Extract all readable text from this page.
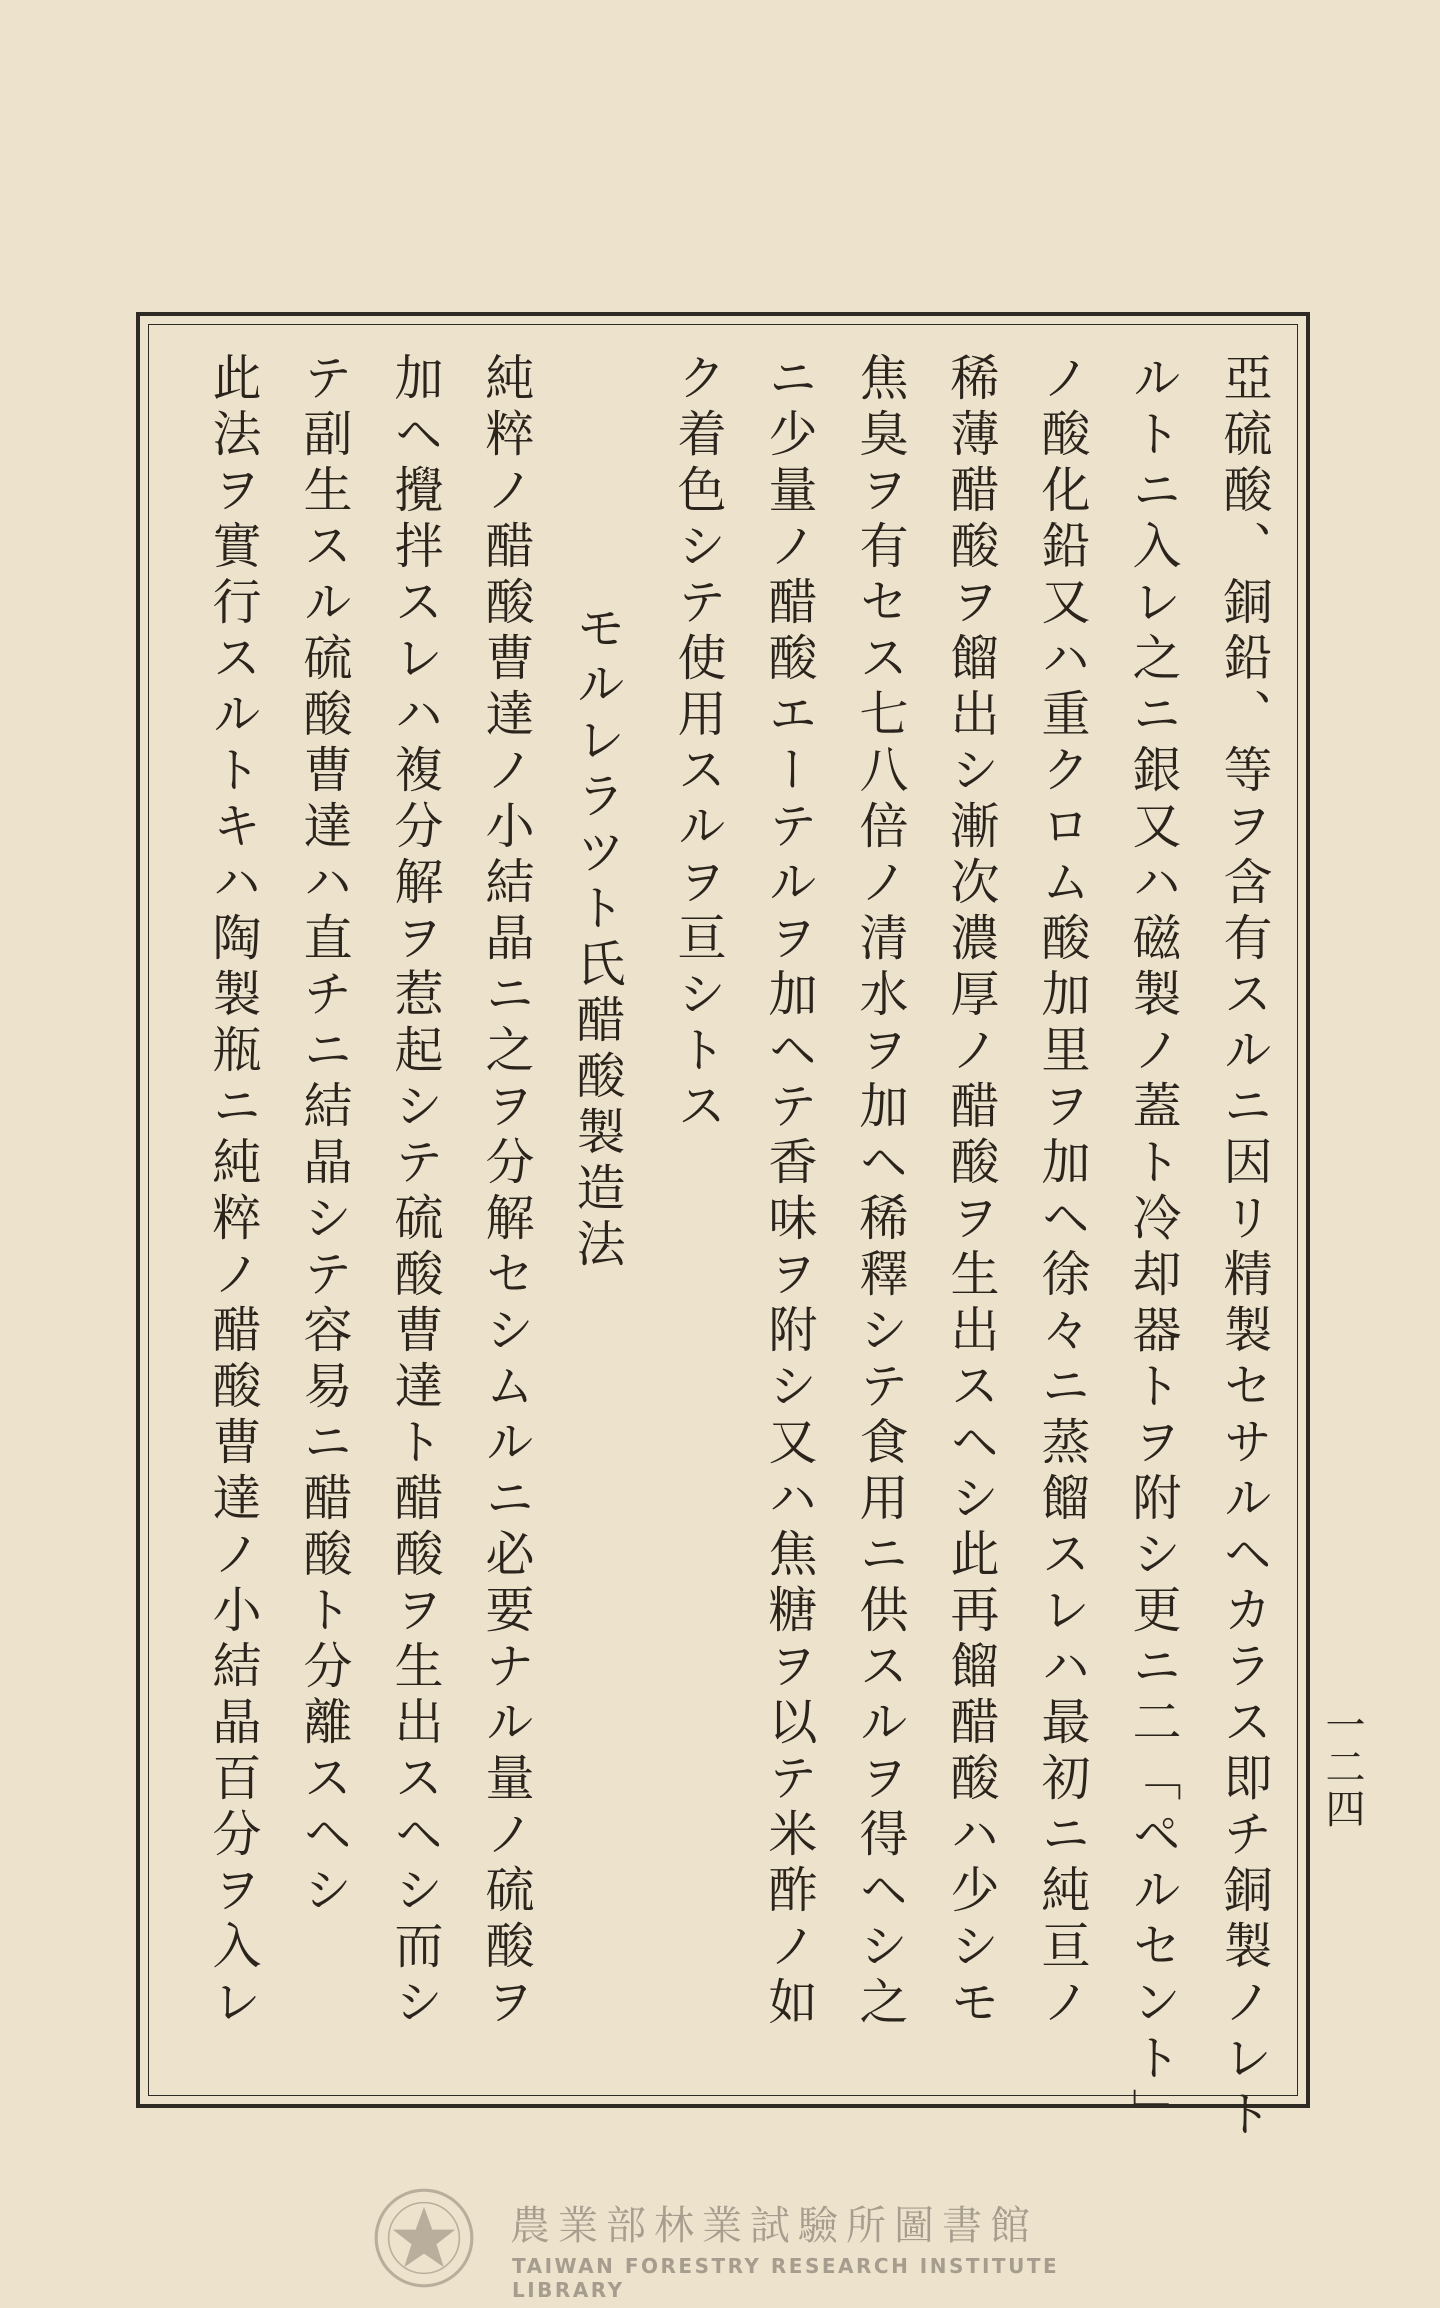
亞硫酸、銅鉛、等ヲ含有スルニ因リ精製セサルヘカラス即チ銅製ノレト
ルトニ入レ之ニ銀又ハ磁製ノ蓋ト冷却器トヲ附シ更ニ二「ペルセント」
ノ酸化鉛又ハ重クロム酸加里ヲ加ヘ徐々ニ蒸餾スレハ最初ニ純亘ノ
稀薄醋酸ヲ餾出シ漸次濃厚ノ醋酸ヲ生出スヘシ此再餾醋酸ハ少シモ
焦臭ヲ有セス七八倍ノ清水ヲ加ヘ稀釋シテ食用ニ供スルヲ得ヘシ之
ニ少量ノ醋酸エーテルヲ加ヘテ香味ヲ附シ又ハ焦糖ヲ以テ米酢ノ如
ク着色シテ使用スルヲ亘シトス
モルレラツト氏醋酸製造法
純粹ノ醋酸曹達ノ小結晶ニ之ヲ分解セシムルニ必要ナル量ノ硫酸ヲ
加ヘ攪拌スレハ複分解ヲ惹起シテ硫酸曹達ト醋酸ヲ生出スヘシ而シ
テ副生スル硫酸曹達ハ直チニ結晶シテ容易ニ醋酸ト分離スヘシ
此法ヲ實行スルトキハ陶製瓶ニ純粹ノ醋酸曹達ノ小結晶百分ヲ入レ	一二四
農業部林業試驗所圖書館
TAIWAN FORESTRY RESEARCH INSTITUTE LIBRARY
